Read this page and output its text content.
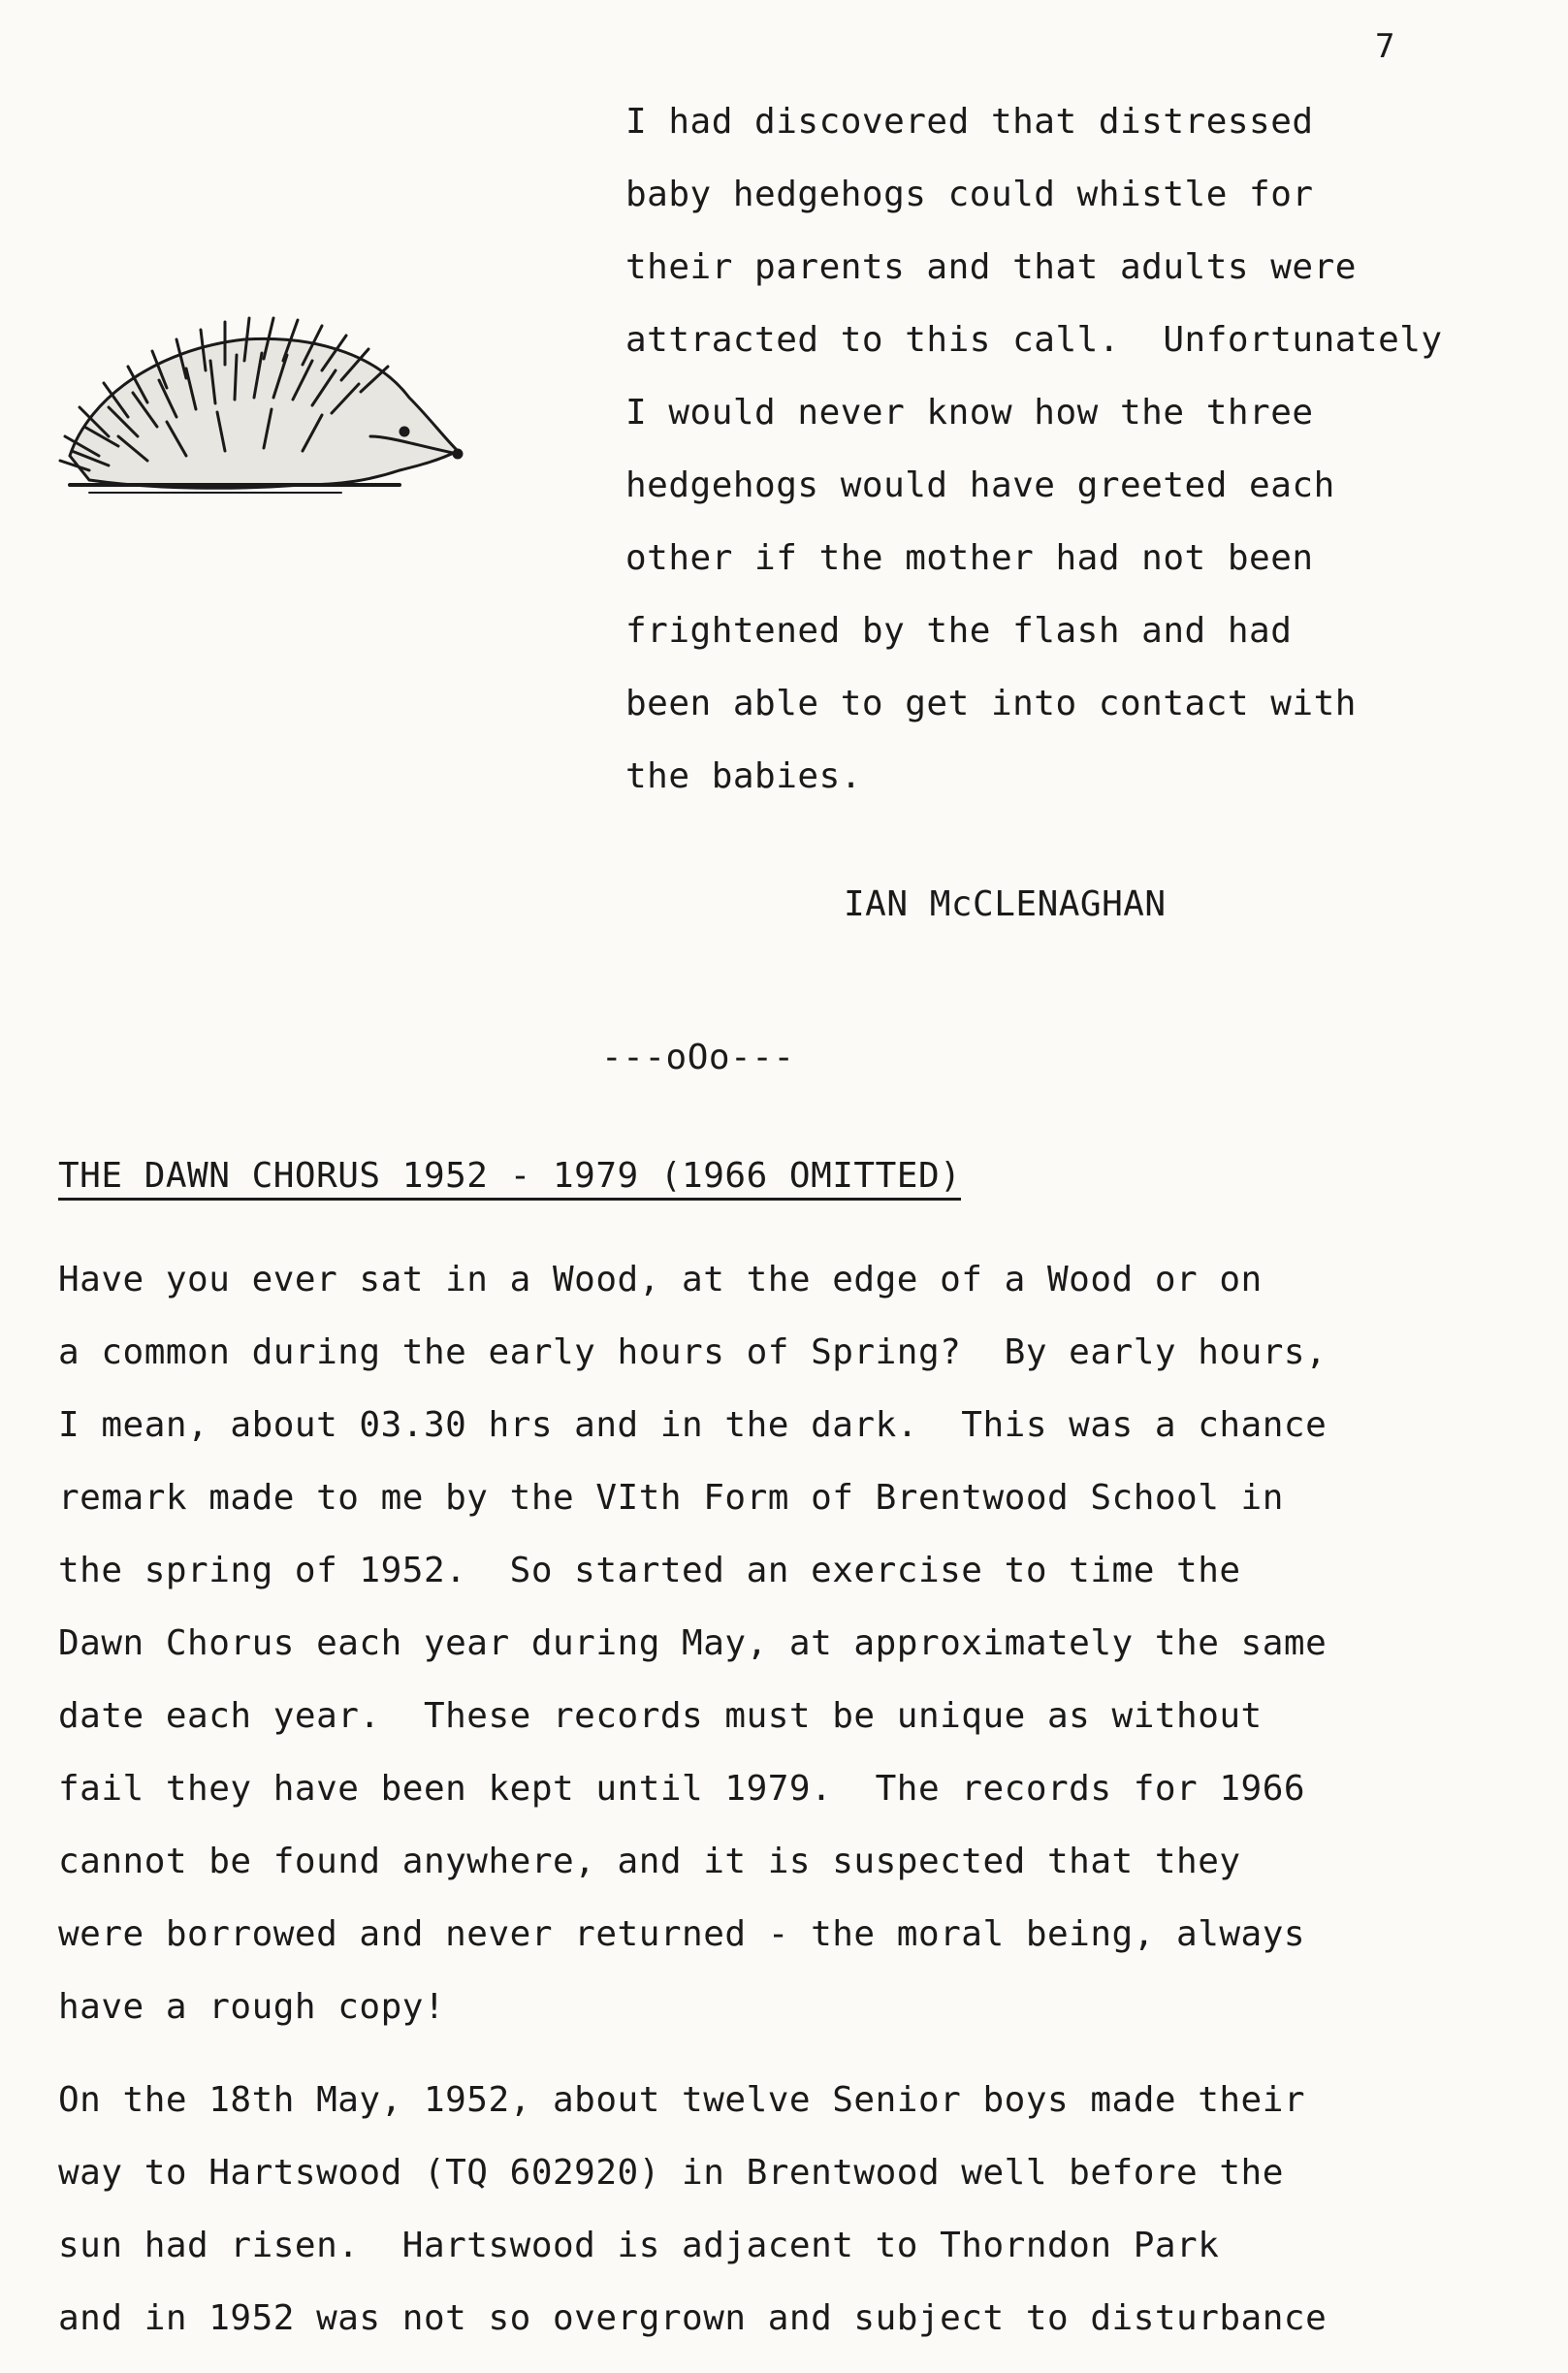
7
I had discovered that distressed
baby hedgehogs could whistle for
their parents and that adults were
attracted to this call.  Unfortunately
I would never know how the three
hedgehogs would have greeted each
other if the mother had not been
frightened by the flash and had
been able to get into contact with
the babies.
IAN McCLENAGHAN
---oOo---
THE DAWN CHORUS 1952 - 1979 (1966 OMITTED)
Have you ever sat in a Wood, at the edge of a Wood or on
a common during the early hours of Spring?  By early hours,
I mean, about 03.30 hrs and in the dark.  This was a chance
remark made to me by the VIth Form of Brentwood School in
the spring of 1952.  So started an exercise to time the
Dawn Chorus each year during May, at approximately the same
date each year.  These records must be unique as without
fail they have been kept until 1979.  The records for 1966
cannot be found anywhere, and it is suspected that they
were borrowed and never returned - the moral being, always
have a rough copy!
On the 18th May, 1952, about twelve Senior boys made their
way to Hartswood (TQ 602920) in Brentwood well before the
sun had risen.  Hartswood is adjacent to Thorndon Park
and in 1952 was not so overgrown and subject to disturbance
